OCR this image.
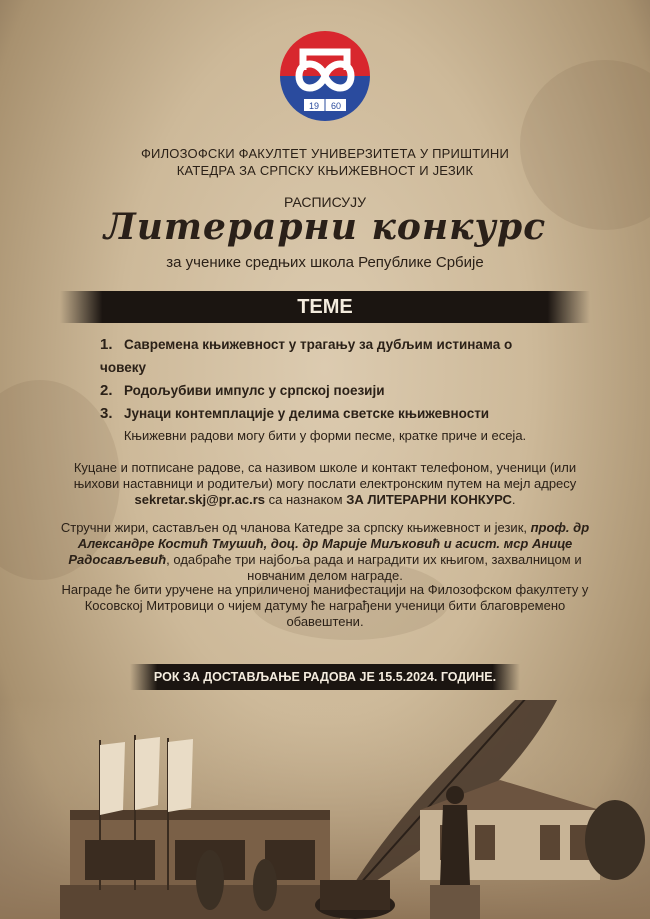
19 60
ФИЛОЗОФСКИ ФАКУЛТЕТ УНИВЕРЗИТЕТА У ПРИШТИНИ
КАТЕДРА ЗА СРПСКУ КЊИЖЕВНОСТ И ЈЕЗИК
РАСПИСУЈУ
Литерарни конкурс
за ученике средњих школа Републике Србије
ТЕМЕ
1. Савремена књижевност у трагању за дубљим истинама о човеку
2. Родољубиви импулс у српској поезији
3. Јунаци контемплације у делима светске књижевности
Књижевни радови могу бити у форми песме, кратке приче и есеја.
Куцане и потписане радове, са називом школе и контакт телефоном, ученици (или њихови наставници и родитељи) могу послати електронским путем на мејл адресу sekretar.skj@pr.ac.rs са назнаком ЗА ЛИТЕРАРНИ КОНКУРС.
Стручни жири, састављен од чланова Катедре за српску књижевност и језик, проф. др Александре Костић Тмушић, доц. др Марије Миљковић и асист. мср Анице Радосављевић, одабраће три најбоља рада и наградити их књигом, захвалницом и новчаним делом награде.
Награде ће бити уручене на уприличеној манифестацији на Филозофском факултету у Косовској Митровици о чијем датуму ће награђени ученици бити благовремено обавештени.
РОК ЗА ДОСТАВЉАЊЕ РАДОВА ЈЕ 15.5.2024. ГОДИНЕ.
